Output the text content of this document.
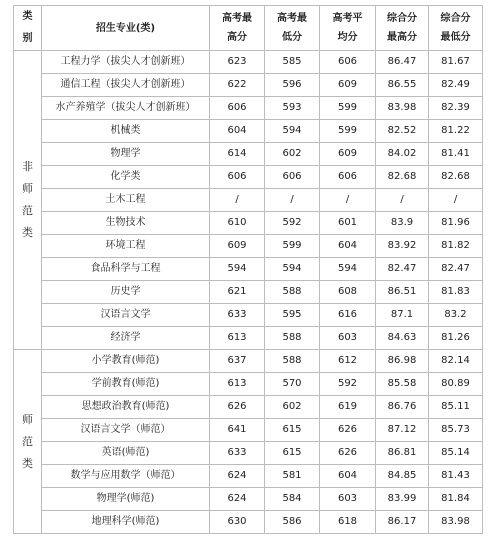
类别	招生专业(类)	高考最高分	高考最低分	高考平均分	综合分最高分	综合分最低分
非师范类	工程力学（拔尖人才创新班）	623	585	606	86.47	81.67
	通信工程（拔尖人才创新班）	622	596	609	86.55	82.49
	水产养殖学（拔尖人才创新班）	606	593	599	83.98	82.39
	机械类	604	594	599	82.52	81.22
	物理学	614	602	609	84.02	81.41
	化学类	606	606	606	82.68	82.68
	土木工程	/	/	/	/	/
	生物技术	610	592	601	83.9	81.96
	环境工程	609	599	604	83.92	81.82
	食品科学与工程	594	594	594	82.47	82.47
	历史学	621	588	608	86.51	81.83
	汉语言文学	633	595	616	87.1	83.2
	经济学	613	588	603	84.63	81.26
师范类	小学教育(师范)	637	588	612	86.98	82.14
	学前教育(师范)	613	570	592	85.58	80.89
	思想政治教育(师范)	626	602	619	86.76	85.11
	汉语言文学（师范）	641	615	626	87.12	85.73
	英语(师范)	633	615	626	86.81	85.14
	数学与应用数学（师范）	624	581	604	84.85	81.43
	物理学(师范)	624	584	603	83.99	81.84
	地理科学(师范)	630	586	618	86.17	83.98
